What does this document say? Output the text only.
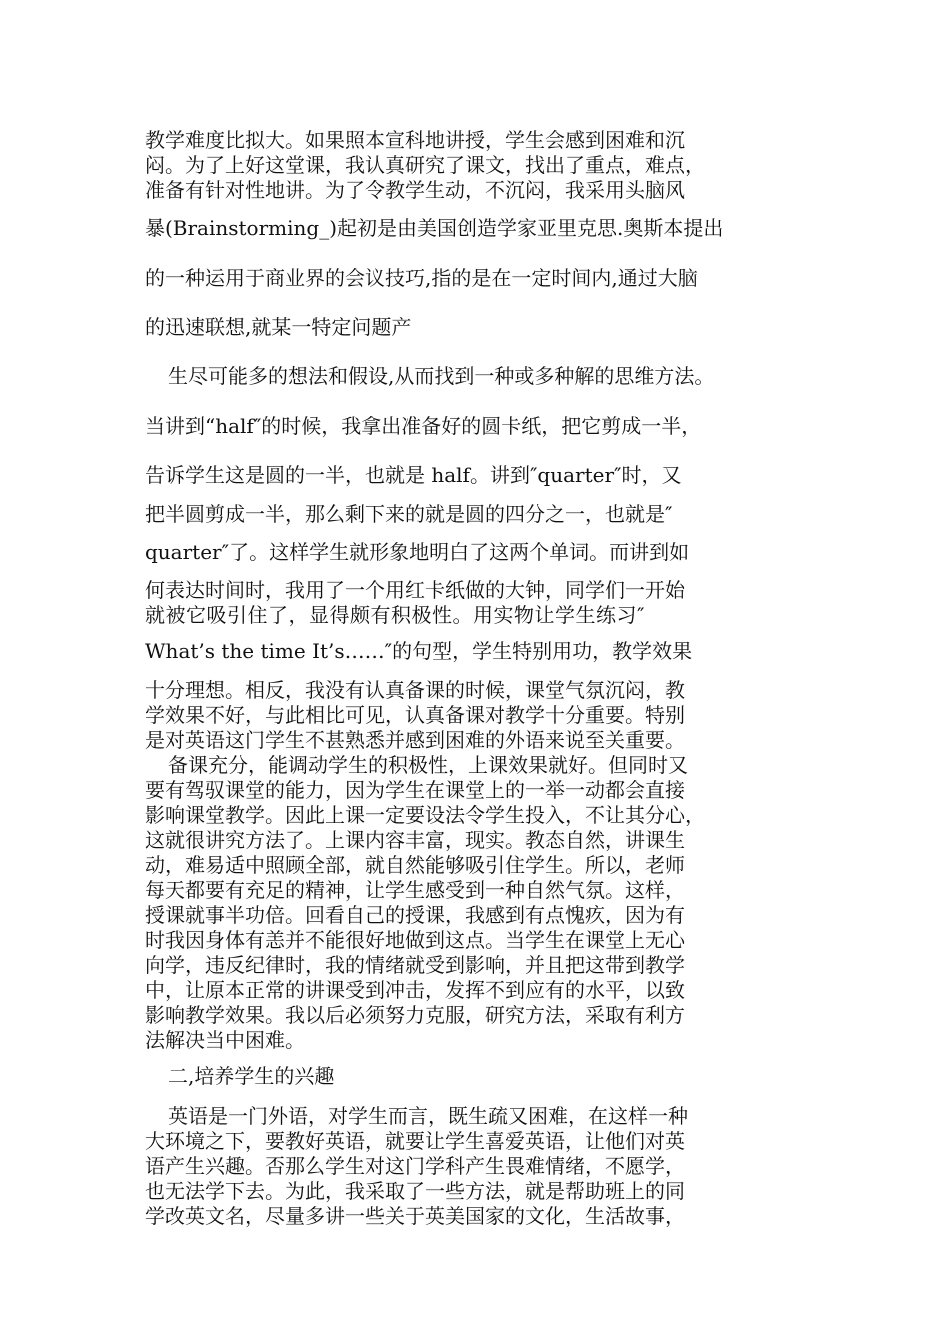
教学难度比拟大。如果照本宣科地讲授，学生会感到困难和沉
闷。为了上好这堂课，我认真研究了课文，找出了重点，难点，
准备有针对性地讲。为了令教学生动，不沉闷，我采用头脑风
暴(Brainstorming_)起初是由美国创造学家亚里克思.奥斯本提出
的一种运用于商业界的会议技巧,指的是在一定时间内,通过大脑
的迅速联想,就某一特定问题产
生尽可能多的想法和假设,从而找到一种或多种解的思维方法。
当讲到“half″的时候，我拿出准备好的圆卡纸，把它剪成一半，
告诉学生这是圆的一半，也就是 half。讲到″quarter″时，又
把半圆剪成一半，那么剩下来的就是圆的四分之一，也就是″
quarter″了。这样学生就形象地明白了这两个单词。而讲到如
何表达时间时，我用了一个用红卡纸做的大钟，同学们一开始
就被它吸引住了，显得颇有积极性。用实物让学生练习″
What’s the time It’s……″的句型，学生特别用功，教学效果
十分理想。相反，我没有认真备课的时候，课堂气氛沉闷，教
学效果不好，与此相比可见，认真备课对教学十分重要。特别
是对英语这门学生不甚熟悉并感到困难的外语来说至关重要。
备课充分，能调动学生的积极性，上课效果就好。但同时又
要有驾驭课堂的能力，因为学生在课堂上的一举一动都会直接
影响课堂教学。因此上课一定要设法令学生投入，不让其分心，
这就很讲究方法了。上课内容丰富，现实。教态自然，讲课生
动，难易适中照顾全部，就自然能够吸引住学生。所以，老师
每天都要有充足的精神，让学生感受到一种自然气氛。这样，
授课就事半功倍。回看自己的授课，我感到有点愧疚，因为有
时我因身体有恙并不能很好地做到这点。当学生在课堂上无心
向学，违反纪律时，我的情绪就受到影响，并且把这带到教学
中，让原本正常的讲课受到冲击，发挥不到应有的水平，以致
影响教学效果。我以后必须努力克服，研究方法，采取有利方
法解决当中困难。
二,培养学生的兴趣
英语是一门外语，对学生而言，既生疏又困难，在这样一种
大环境之下，要教好英语，就要让学生喜爱英语，让他们对英
语产生兴趣。否那么学生对这门学科产生畏难情绪，不愿学，
也无法学下去。为此，我采取了一些方法，就是帮助班上的同
学改英文名，尽量多讲一些关于英美国家的文化，生活故事，
